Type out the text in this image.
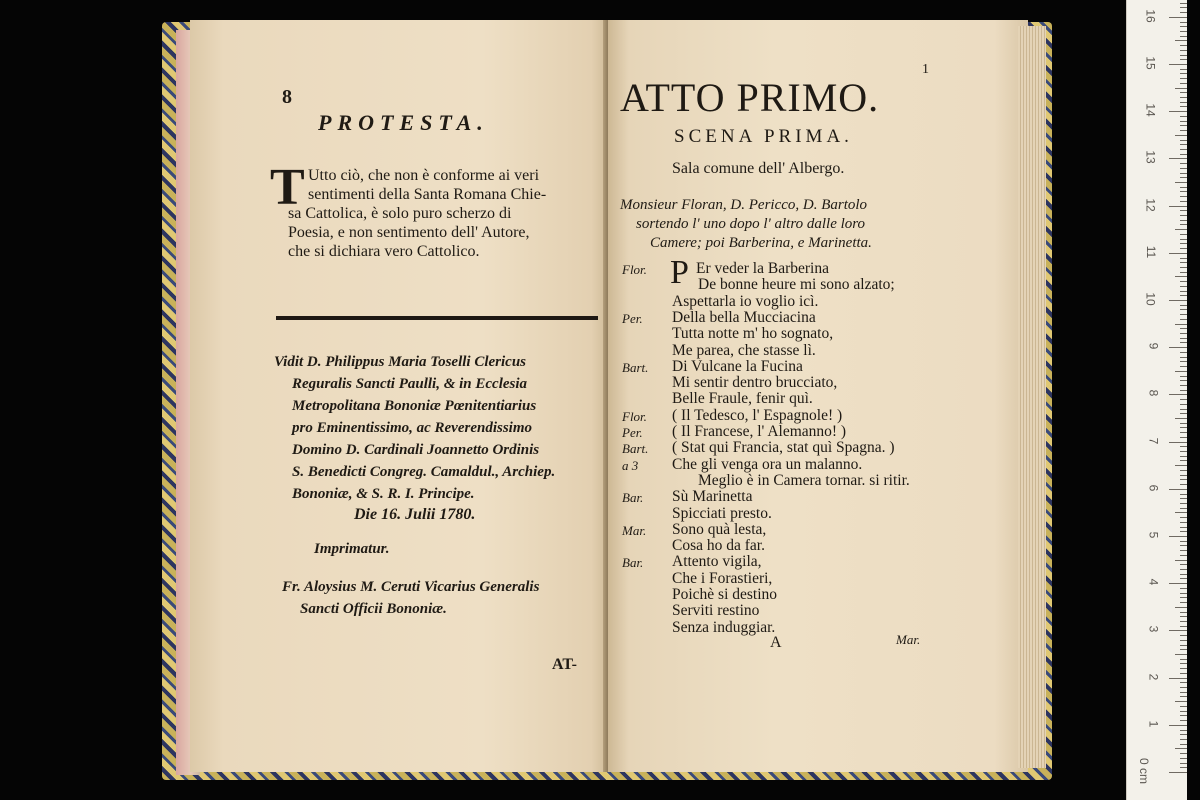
8
PROTESTA.
T Utto ciò, che non è conforme ai veri
sentimenti della Santa Romana Chie-
sa Cattolica, è solo puro scherzo di
Poesia, e non sentimento dell' Autore,
che si dichiara vero Cattolico.
Vidit D. Philippus Maria Toselli Clericus
Reguralis Sancti Paulli, & in Ecclesia
Metropolitana Bononiæ Pœnitentiarius
pro Eminentissimo, ac Reverendissimo
Domino D. Cardinali Joannetto Ordinis
S. Benedicti Congreg. Camaldul., Archiep.
Bononiæ, & S. R. I. Principe.
Die 16. Julii 1780.
Imprimatur.
Fr. Aloysius M. Ceruti Vicarius Generalis
Sancti Officii Bononiæ.
AT-
1
ATTO PRIMO.
SCENA PRIMA.
Sala comune dell' Albergo.
Monsieur Floran, D. Pericco, D. Bartolo
sortendo l' uno dopo l' altro dalle loro
Camere; poi Barberina, e Marinetta.
Flor. P Er veder la Barberina
De bonne heure mi sono alzato;
Aspettarla io voglio icì.
Per. Della bella Mucciacina
Tutta notte m' ho sognato,
Me parea, che stasse lì.
Bart. Di Vulcane la Fucina
Mi sentir dentro brucciato,
Belle Fraule, fenir quì.
Flor. ( Il Tedesco, l' Espagnole! )
Per. ( Il Francese, l' Alemanno! )
Bart. ( Stat qui Francia, stat quì Spagna. )
a 3 Che gli venga ora un malanno.
Meglio è in Camera tornar. si ritir.
Bar. Sù Marinetta
Spicciati presto.
Mar. Sono quà lesta,
Cosa ho da far.
Bar. Attento vigila,
Che i Forastieri,
Poichè si destino
Serviti restino
Senza induggiar.
A	Mar.
0 cm
1
2
3
4
5
6
7
8
9
10
11
12
13
14
15
16
